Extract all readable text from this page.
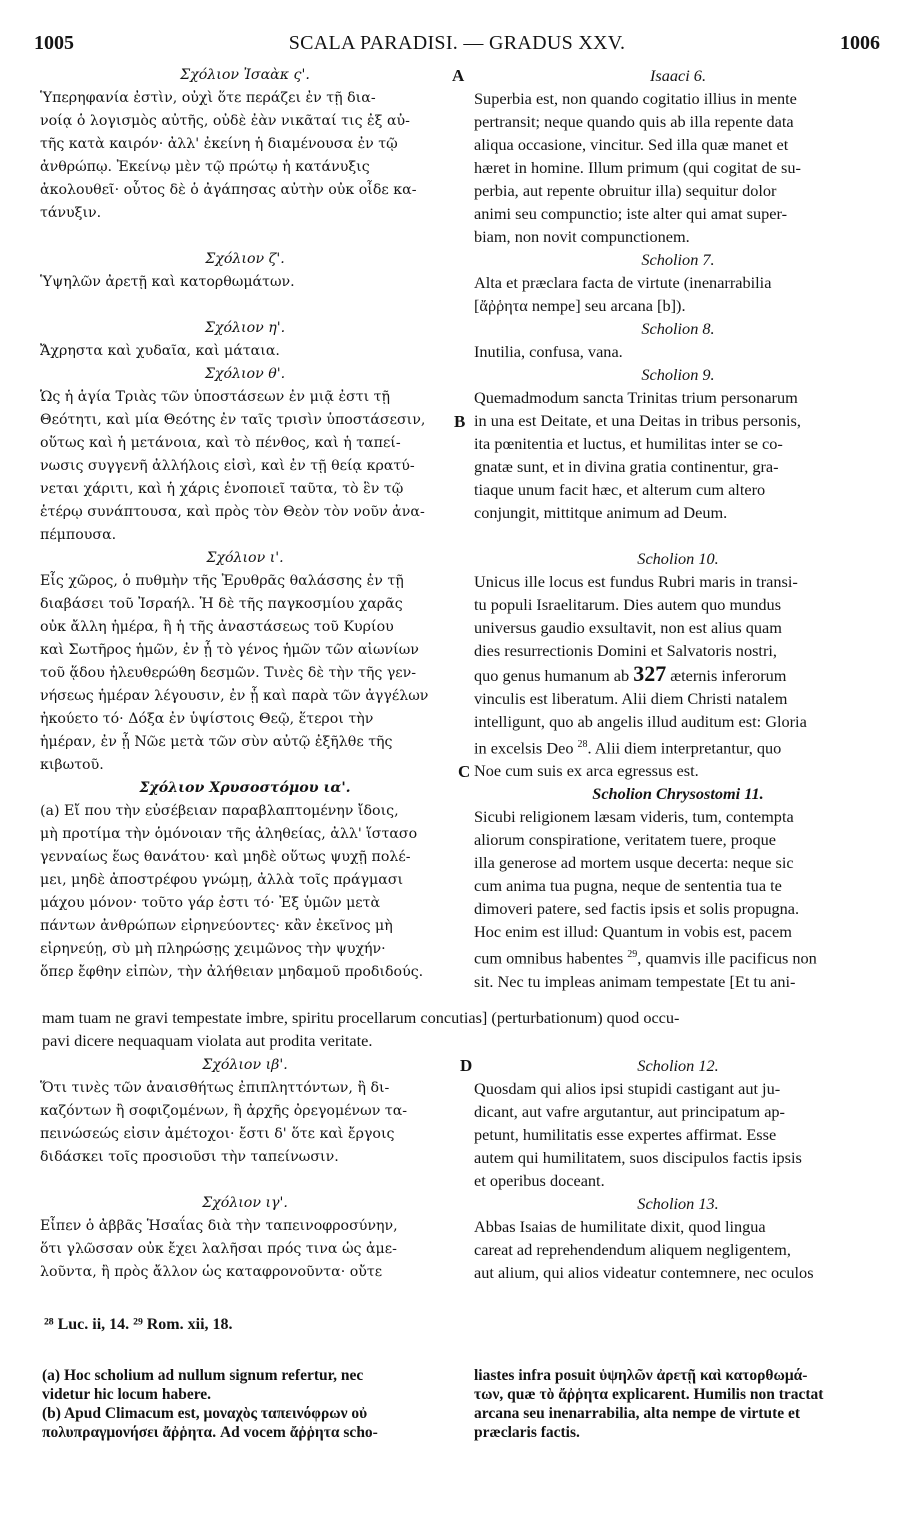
1005	SCALA PARADISI. — GRADUS XXV.	1006
A
B
C
D

Σχόλιον Ἰσαὰκ ς'.

Ὑπερηφανία ἐστὶν, οὐχὶ ὅτε περάζει ἐν τῇ δια-

νοίᾳ ὁ λογισμὸς αὐτῆς, οὐδὲ ἐὰν νικᾶταί τις ἐξ αὐ-

τῆς κατὰ καιρόν· ἀλλ' ἐκείνη ἡ διαμένουσα ἐν τῷ

ἀνθρώπῳ. Ἐκείνῳ μὲν τῷ πρώτῳ ἡ κατάνυξις

ἀκολουθεῖ· οὗτος δὲ ὁ ἀγάπησας αὐτὴν οὐκ οἶδε κα-

τάνυξιν.

Σχόλιον ζ'.

Ὑψηλῶν ἀρετῇ καὶ κατορθωμάτων.

Σχόλιον η'.

Ἄχρηστα καὶ χυδαῖα, καὶ μάταια.

Σχόλιον θ'.

Ὡς ἡ ἁγία Τριὰς τῶν ὑποστάσεων ἐν μιᾷ ἐστι τῇ

Θεότητι, καὶ μία Θεότης ἐν ταῖς τρισὶν ὑποστάσεσιν,

οὕτως καὶ ἡ μετάνοια, καὶ τὸ πένθος, καὶ ἡ ταπεί-

νωσις συγγενῆ ἀλλήλοις εἰσὶ, καὶ ἐν τῇ θείᾳ κρατύ-

νεται χάριτι, καὶ ἡ χάρις ἑνοποιεῖ ταῦτα, τὸ ἓν τῷ

ἑτέρῳ συνάπτουσα, καὶ πρὸς τὸν Θεὸν τὸν νοῦν ἀνα-

πέμπουσα.

Σχόλιον ι'.

Εἷς χῶρος, ὁ πυθμὴν τῆς Ἐρυθρᾶς θαλάσσης ἐν τῇ

διαβάσει τοῦ Ἰσραήλ. Ἡ δὲ τῆς παγκοσμίου χαρᾶς

οὐκ ἄλλη ἡμέρα, ἢ ἡ τῆς ἀναστάσεως τοῦ Κυρίου

καὶ Σωτῆρος ἡμῶν, ἐν ᾗ τὸ γένος ἡμῶν τῶν αἰωνίων

τοῦ ᾅδου ἠλευθερώθη δεσμῶν. Τινὲς δὲ τὴν τῆς γεν-

νήσεως ἡμέραν λέγουσιν, ἐν ᾗ καὶ παρὰ τῶν ἀγγέλων

ἠκούετο τό· Δόξα ἐν ὑψίστοις Θεῷ, ἕτεροι τὴν

ἡμέραν, ἐν ᾗ Νῶε μετὰ τῶν σὺν αὐτῷ ἐξῆλθε τῆς

κιβωτοῦ.

Σχόλιον Χρυσοστόμου ια'.

(a) Εἴ που τὴν εὐσέβειαν παραβλαπτομένην ἴδοις,

μὴ προτίμα τὴν ὁμόνοιαν τῆς ἀληθείας, ἀλλ' ἵστασο

γενναίως ἕως θανάτου· καὶ μηδὲ οὕτως ψυχῇ πολέ-

μει, μηδὲ ἀποστρέφου γνώμῃ, ἀλλὰ τοῖς πράγμασι

μάχου μόνον· τοῦτο γάρ ἐστι τό· Ἐξ ὑμῶν μετὰ

πάντων ἀνθρώπων εἰρηνεύοντες· κἂν ἐκεῖνος μὴ

εἰρηνεύῃ, σὺ μὴ πληρώσῃς χειμῶνος τὴν ψυχήν·

ὅπερ ἔφθην εἰπὼν, τὴν ἀλήθειαν μηδαμοῦ προδιδούς.

Isaaci 6.

Superbia est, non quando cogitatio illius in mente

pertransit; neque quando quis ab illa repente data

aliqua occasione, vincitur. Sed illa quæ manet et

hæret in homine. Illum primum (qui cogitat de su-

perbia, aut repente obruitur illa) sequitur dolor

animi seu compunctio; iste alter qui amat super-

biam, non novit compunctionem.

Scholion 7.

Alta et præclara facta de virtute (inenarrabilia

[ἄῤῥητα nempe] seu arcana [b]).

Scholion 8.

Inutilia, confusa, vana.

Scholion 9.

Quemadmodum sancta Trinitas trium personarum

in una est Deitate, et una Deitas in tribus personis,

ita pœnitentia et luctus, et humilitas inter se co-

gnatæ sunt, et in divina gratia continentur, gra-

tiaque unum facit hæc, et alterum cum altero

conjungit, mittitque animum ad Deum.

Scholion 10.

Unicus ille locus est fundus Rubri maris in transi-

tu populi Israelitarum. Dies autem quo mundus

universus gaudio exsultavit, non est alius quam

dies resurrectionis Domini et Salvatoris nostri,

quo genus humanum ab 327 æternis inferorum

vinculis est liberatum. Alii diem Christi natalem

intelligunt, quo ab angelis illud auditum est: Gloria

in excelsis Deo $^{28}$. Alii diem interpretantur, quo

Noe cum suis ex arca egressus est.

Scholion Chrysostomi 11.

Sicubi religionem læsam videris, tum, contempta

aliorum conspiratione, veritatem tuere, proque

illa generose ad mortem usque decerta: neque sic

cum anima tua pugna, neque de sententia tua te

dimoveri patere, sed factis ipsis et solis propugna.

Hoc enim est illud: Quantum in vobis est, pacem

cum omnibus habentes $^{29}$, quamvis ille pacificus non

sit. Nec tu impleas animam tempestate [Et tu ani-

mam tuam ne gravi tempestate imbre, spiritu procellarum concutias] (perturbationum) quod occu-

pavi dicere nequaquam violata aut prodita veritate.

Σχόλιον ιβ'.

Ὅτι τινὲς τῶν ἀναισθήτως ἐπιπληττόντων, ἢ δι-

καζόντων ἢ σοφιζομένων, ἢ ἀρχῆς ὀρεγομένων τα-

πεινώσεώς εἰσιν ἀμέτοχοι· ἔστι δ' ὅτε καὶ ἔργοις

διδάσκει τοῖς προσιοῦσι τὴν ταπείνωσιν.

Σχόλιον ιγ'.

Εἶπεν ὁ ἀββᾶς Ἡσαΐας διὰ τὴν ταπεινοφροσύνην,

ὅτι γλῶσσαν οὐκ ἔχει λαλῆσαι πρός τινα ὡς ἀμε-

λοῦντα, ἢ πρὸς ἄλλον ὡς καταφρονοῦντα· οὔτε

Scholion 12.

Quosdam qui alios ipsi stupidi castigant aut ju-

dicant, aut vafre argutantur, aut principatum ap-

petunt, humilitatis esse expertes affirmat. Esse

autem qui humilitatem, suos discipulos factis ipsis

et operibus doceant.

Scholion 13.

Abbas Isaias de humilitate dixit, quod lingua

careat ad reprehendendum aliquem negligentem,

aut alium, qui alios videatur contemnere, nec oculos

²⁸ Luc. ii, 14. ²⁹ Rom. xii, 18.

(a) Hoc scholium ad nullum signum refertur, nec

videtur hic locum habere.

(b) Apud Climacum est, μοναχὸς ταπεινόφρων οὐ

πολυπραγμονήσει ἄῤῥητα. Ad vocem ἄῤῥητα scho-

liastes infra posuit ὑψηλῶν ἀρετῇ καὶ κατορθωμά-

των, quæ τὸ ἄῤῥητα explicarent. Humilis non tractat

arcana seu inenarrabilia, alta nempe de virtute et

præclaris factis.
